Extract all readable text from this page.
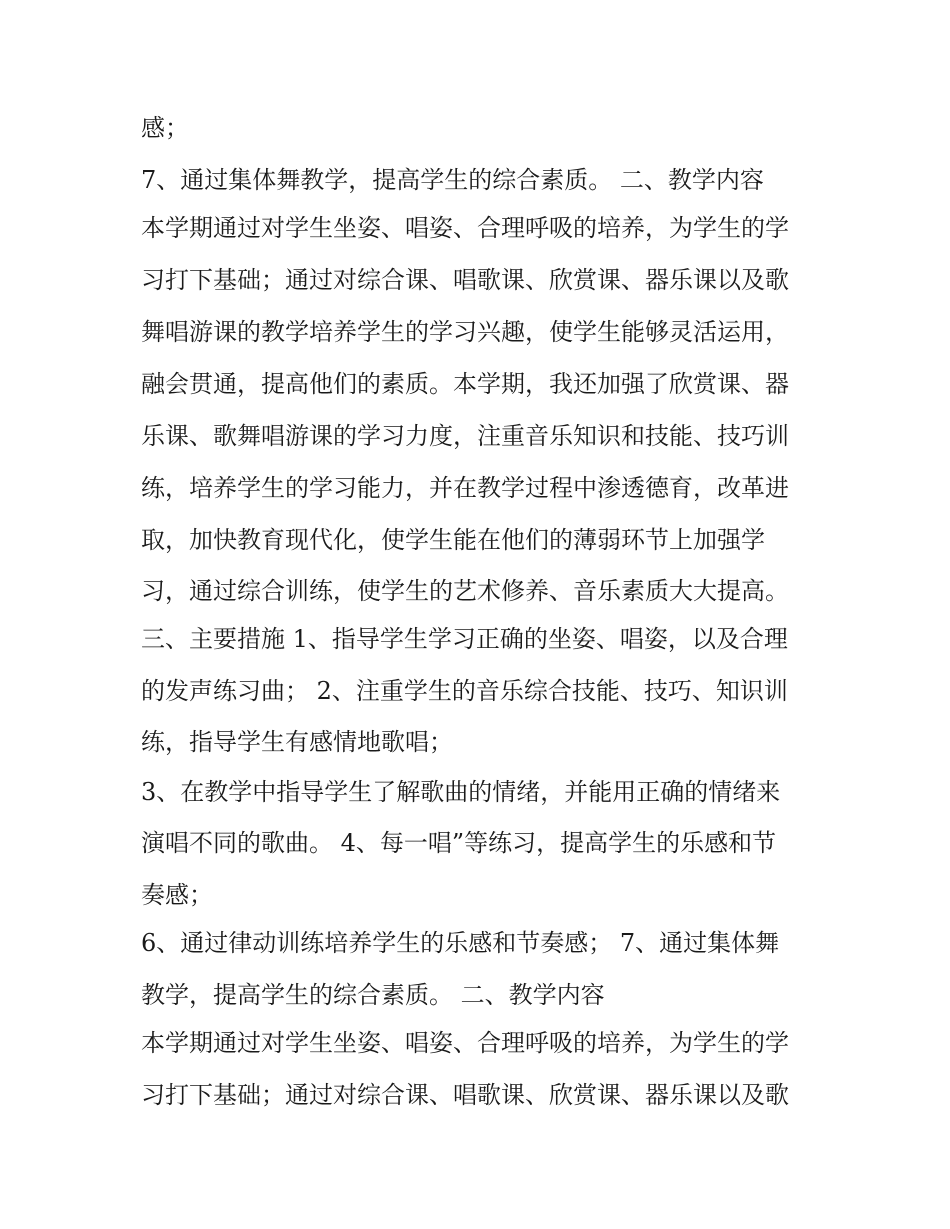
感；
7、通过集体舞教学，提高学生的综合素质。 二、教学内容
本学期通过对学生坐姿、唱姿、合理呼吸的培养，为学生的学
习打下基础；通过对综合课、唱歌课、欣赏课、器乐课以及歌
舞唱游课的教学培养学生的学习兴趣，使学生能够灵活运用，
融会贯通，提高他们的素质。本学期，我还加强了欣赏课、器
乐课、歌舞唱游课的学习力度，注重音乐知识和技能、技巧训
练，培养学生的学习能力，并在教学过程中渗透德育，改革进
取，加快教育现代化，使学生能在他们的薄弱环节上加强学
习，通过综合训练，使学生的艺术修养、音乐素质大大提高。
三、主要措施 1、指导学生学习正确的坐姿、唱姿，以及合理
的发声练习曲； 2、注重学生的音乐综合技能、技巧、知识训
练，指导学生有感情地歌唱；
3、在教学中指导学生了解歌曲的情绪，并能用正确的情绪来
演唱不同的歌曲。 4、每一唱”等练习，提高学生的乐感和节
奏感；
6、通过律动训练培养学生的乐感和节奏感； 7、通过集体舞
教学，提高学生的综合素质。 二、教学内容
本学期通过对学生坐姿、唱姿、合理呼吸的培养，为学生的学
习打下基础；通过对综合课、唱歌课、欣赏课、器乐课以及歌
